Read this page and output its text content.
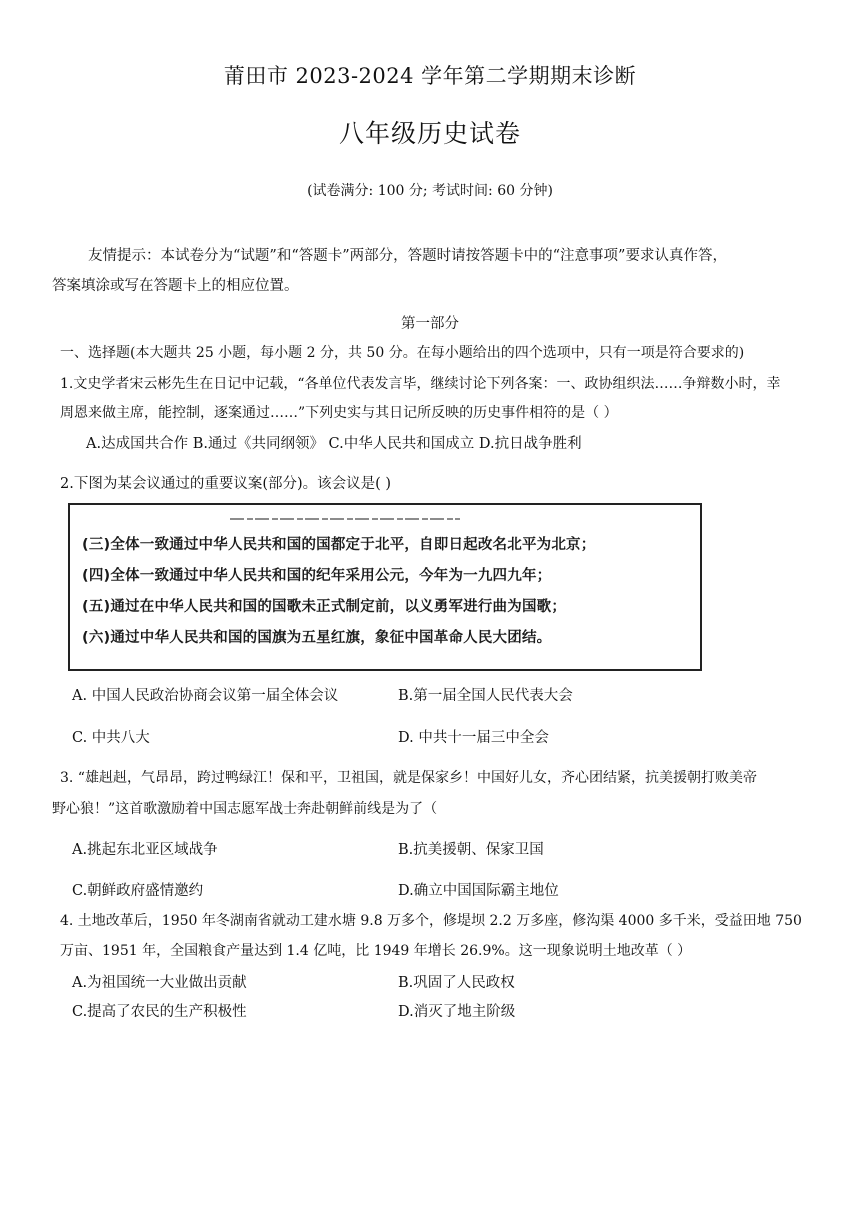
莆田市 2023-2024 学年第二学期期末诊断
八年级历史试卷
(试卷满分: 100 分; 考试时间: 60 分钟)
友情提示：本试卷分为“试题”和“答题卡”两部分，答题时请按答题卡中的“注意事项”要求认真作答，
答案填涂或写在答题卡上的相应位置。
第一部分
一、选择题(本大题共 25 小题，每小题 2 分，共 50 分。在每小题给出的四个选项中，只有一项是符合要求的)
1.文史学者宋云彬先生在日记中记载，“各单位代表发言毕，继续讨论下列各案：一、政协组织法……争辩数小时，幸
周恩来做主席，能控制，逐案通过……”下列史实与其日记所反映的历史事件相符的是（ ）
A.达成国共合作 B.通过《共同纲领》 C.中华人民共和国成立 D.抗日战争胜利
2.下图为某会议通过的重要议案(部分)。该会议是( )
(三)全体一致通过中华人民共和国的国都定于北平，自即日起改名北平为北京；
(四)全体一致通过中华人民共和国的纪年采用公元，今年为一九四九年；
(五)通过在中华人民共和国的国歌未正式制定前，以义勇军进行曲为国歌；
(六)通过中华人民共和国的国旗为五星红旗，象征中国革命人民大团结。
A. 中国人民政治协商会议第一届全体会议	B.第一届全国人民代表大会
C. 中共八大	D. 中共十一届三中全会
3. “雄赳赳，气昂昂，跨过鸭绿江！保和平，卫祖国，就是保家乡！中国好儿女，齐心团结紧，抗美援朝打败美帝
野心狼！”这首歌激励着中国志愿军战士奔赴朝鲜前线是为了（
A.挑起东北亚区域战争	B.抗美援朝、保家卫国
C.朝鲜政府盛情邀约	D.确立中国国际霸主地位
4. 土地改革后，1950 年冬湖南省就动工建水塘 9.8 万多个，修堤坝 2.2 万多座，修沟渠 4000 多千米，受益田地 750
万亩、1951 年，全国粮食产量达到 1.4 亿吨，比 1949 年增长 26.9%。这一现象说明土地改革（ ）
A.为祖国统一大业做出贡献	B.巩固了人民政权
C.提高了农民的生产积极性	D.消灭了地主阶级
